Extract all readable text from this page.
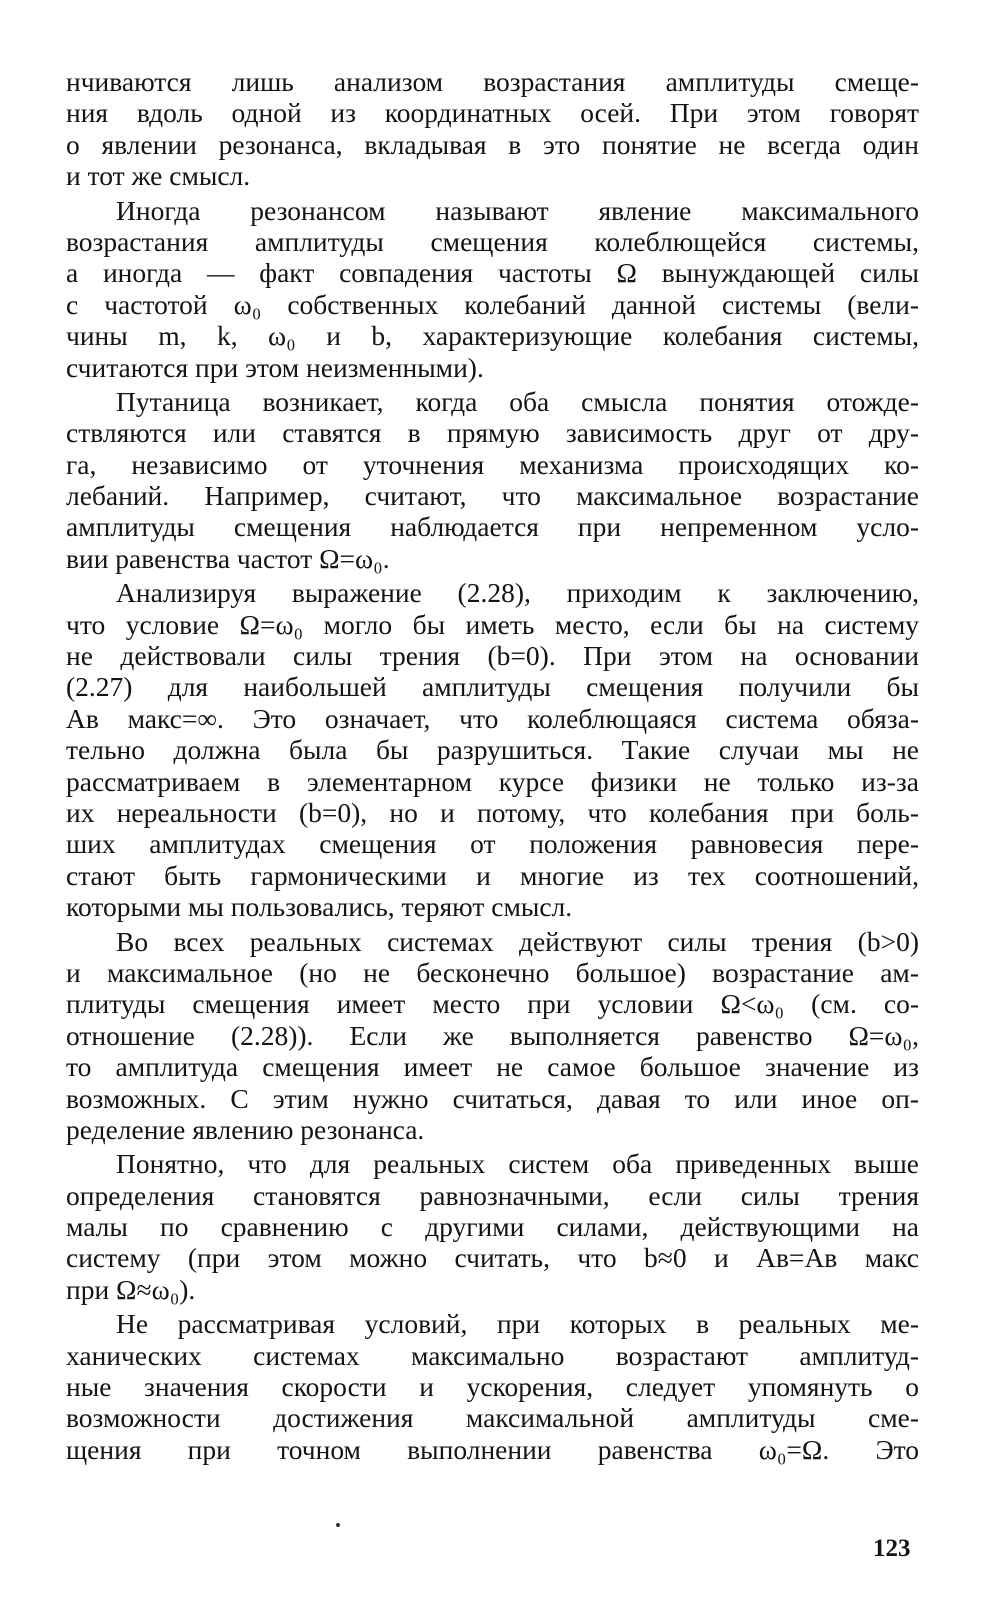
нчиваются лишь анализом возрастания амплитуды смеще-
ния вдоль одной из координатных осей. При этом говорят
о явлении резонанса, вкладывая в это понятие не всегда один
и тот же смысл.
Иногда резонансом называют явление максимального
возрастания амплитуды смещения колеблющейся системы,
а иногда — факт совпадения частоты Ω вынуждающей силы
с частотой ω₀ собственных колебаний данной системы (вели-
чины m, k, ω₀ и b, характеризующие колебания системы,
считаются при этом неизменными).
Путаница возникает, когда оба смысла понятия отожде-
ствляются или ставятся в прямую зависимость друг от дру-
га, независимо от уточнения механизма происходящих ко-
лебаний. Например, считают, что максимальное возрастание
амплитуды смещения наблюдается при непременном усло-
вии равенства частот Ω=ω₀.
Анализируя выражение (2.28), приходим к заключению,
что условие Ω=ω₀ могло бы иметь место, если бы на систему
не действовали силы трения (b=0). При этом на основании
(2.27) для наибольшей амплитуды смещения получили бы
Aв макс=∞. Это означает, что колеблющаяся система обяза-
тельно должна была бы разрушиться. Такие случаи мы не
рассматриваем в элементарном курсе физики не только из-за
их нереальности (b=0), но и потому, что колебания при боль-
ших амплитудах смещения от положения равновесия пере-
стают быть гармоническими и многие из тех соотношений,
которыми мы пользовались, теряют смысл.
Во всех реальных системах действуют силы трения (b>0)
и максимальное (но не бесконечно большое) возрастание ам-
плитуды смещения имеет место при условии Ω<ω₀ (см. со-
отношение (2.28)). Если же выполняется равенство Ω=ω₀,
то амплитуда смещения имеет не самое большое значение из
возможных. С этим нужно считаться, давая то или иное оп-
ределение явлению резонанса.
Понятно, что для реальных систем оба приведенных выше
определения становятся равнозначными, если силы трения
малы по сравнению с другими силами, действующими на
систему (при этом можно считать, что b≈0 и Aв=Aв макс
при Ω≈ω₀).
Не рассматривая условий, при которых в реальных ме-
ханических системах максимально возрастают амплитуд-
ные значения скорости и ускорения, следует упомянуть о
возможности достижения максимальной амплитуды сме-
щения при точном выполнении равенства ω₀=Ω. Это
123
